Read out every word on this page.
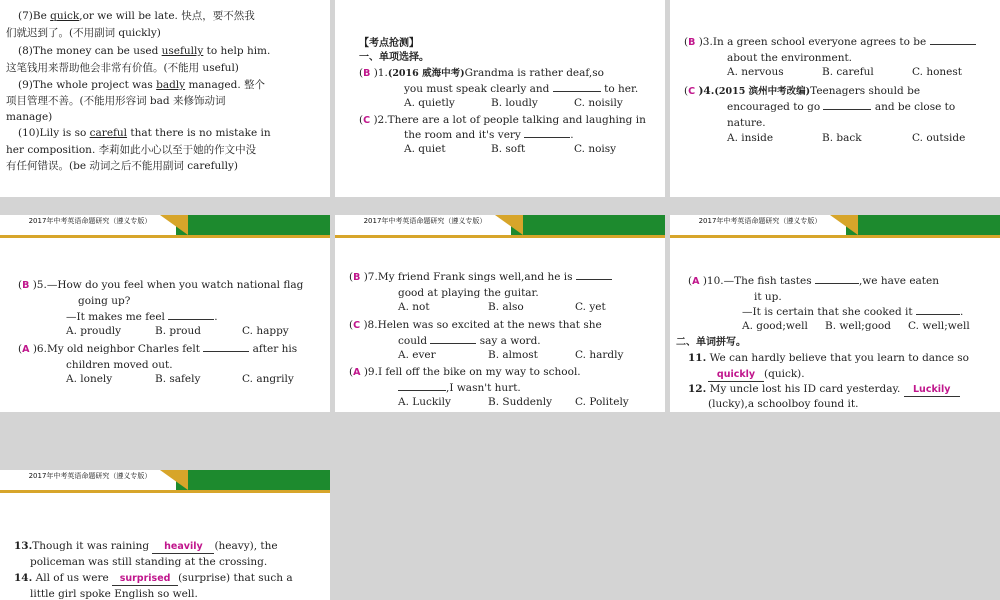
(7)Be quick,or we will be late. 快点，要不然我
们就迟到了。(不用副词 quickly)
(8)The money can be used usefully to help him.
这笔钱用来帮助他会非常有价值。(不能用 useful)
(9)The whole project was badly managed. 整个
项目管理不善。(不能用形容词 bad 来修饰动词
manage)
(10)Lily is so careful that there is no mistake in
her composition. 李莉如此小心以至于她的作文中没
有任何错误。(be 动词之后不能用副词 carefully)
【考点抢测】
一、单项选择。
(B )1.(2016 威海中考)Grandma is rather deaf,so
you must speak clearly and	to her.
A. quietly	B. loudly	C. noisily
(C )2.There are a lot of people talking and laughing in
the room and it's very	.
A. quiet	B. soft	C. noisy
(B )3.In a green school everyone agrees to be
about the environment.
A. nervous	B. careful	C. honest
(C )4.(2015 滨州中考改编)Teenagers should be
encouraged to go	and be close to
nature.
A. inside	B. back	C. outside
2017年中考英语命题研究（遵义专版）
(B )5.—How do you feel when you watch national flag
going up?
—It makes me feel	.
A. proudly	B. proud	C. happy
(A )6.My old neighbor Charles felt	after his
children moved out.
A. lonely	B. safely	C. angrily
2017年中考英语命题研究（遵义专版）
(B )7.My friend Frank sings well,and he is
good at playing the guitar.
A. not	B. also	C. yet
(C )8.Helen was so excited at the news that she
could	say a word.
A. ever	B. almost	C. hardly
(A )9.I fell off the bike on my way to school.
,I wasn't hurt.
A. Luckily	B. Suddenly C. Politely
2017年中考英语命题研究（遵义专版）
(A )10.—The fish tastes	,we have eaten
it up.
—It is certain that she cooked it	.
A. good;well B. well;good C. well;well
二、单词拼写。
11. We can hardly believe that you learn to dance so
quickly (quick).
12. My uncle lost his ID card yesterday. Luckily
(lucky),a schoolboy found it.
2017年中考英语命题研究（遵义专版）
13.Though it was raining heavily (heavy), the
policeman was still standing at the crossing.
14. All of us were surprised (surprise) that such a
little girl spoke English so well.
